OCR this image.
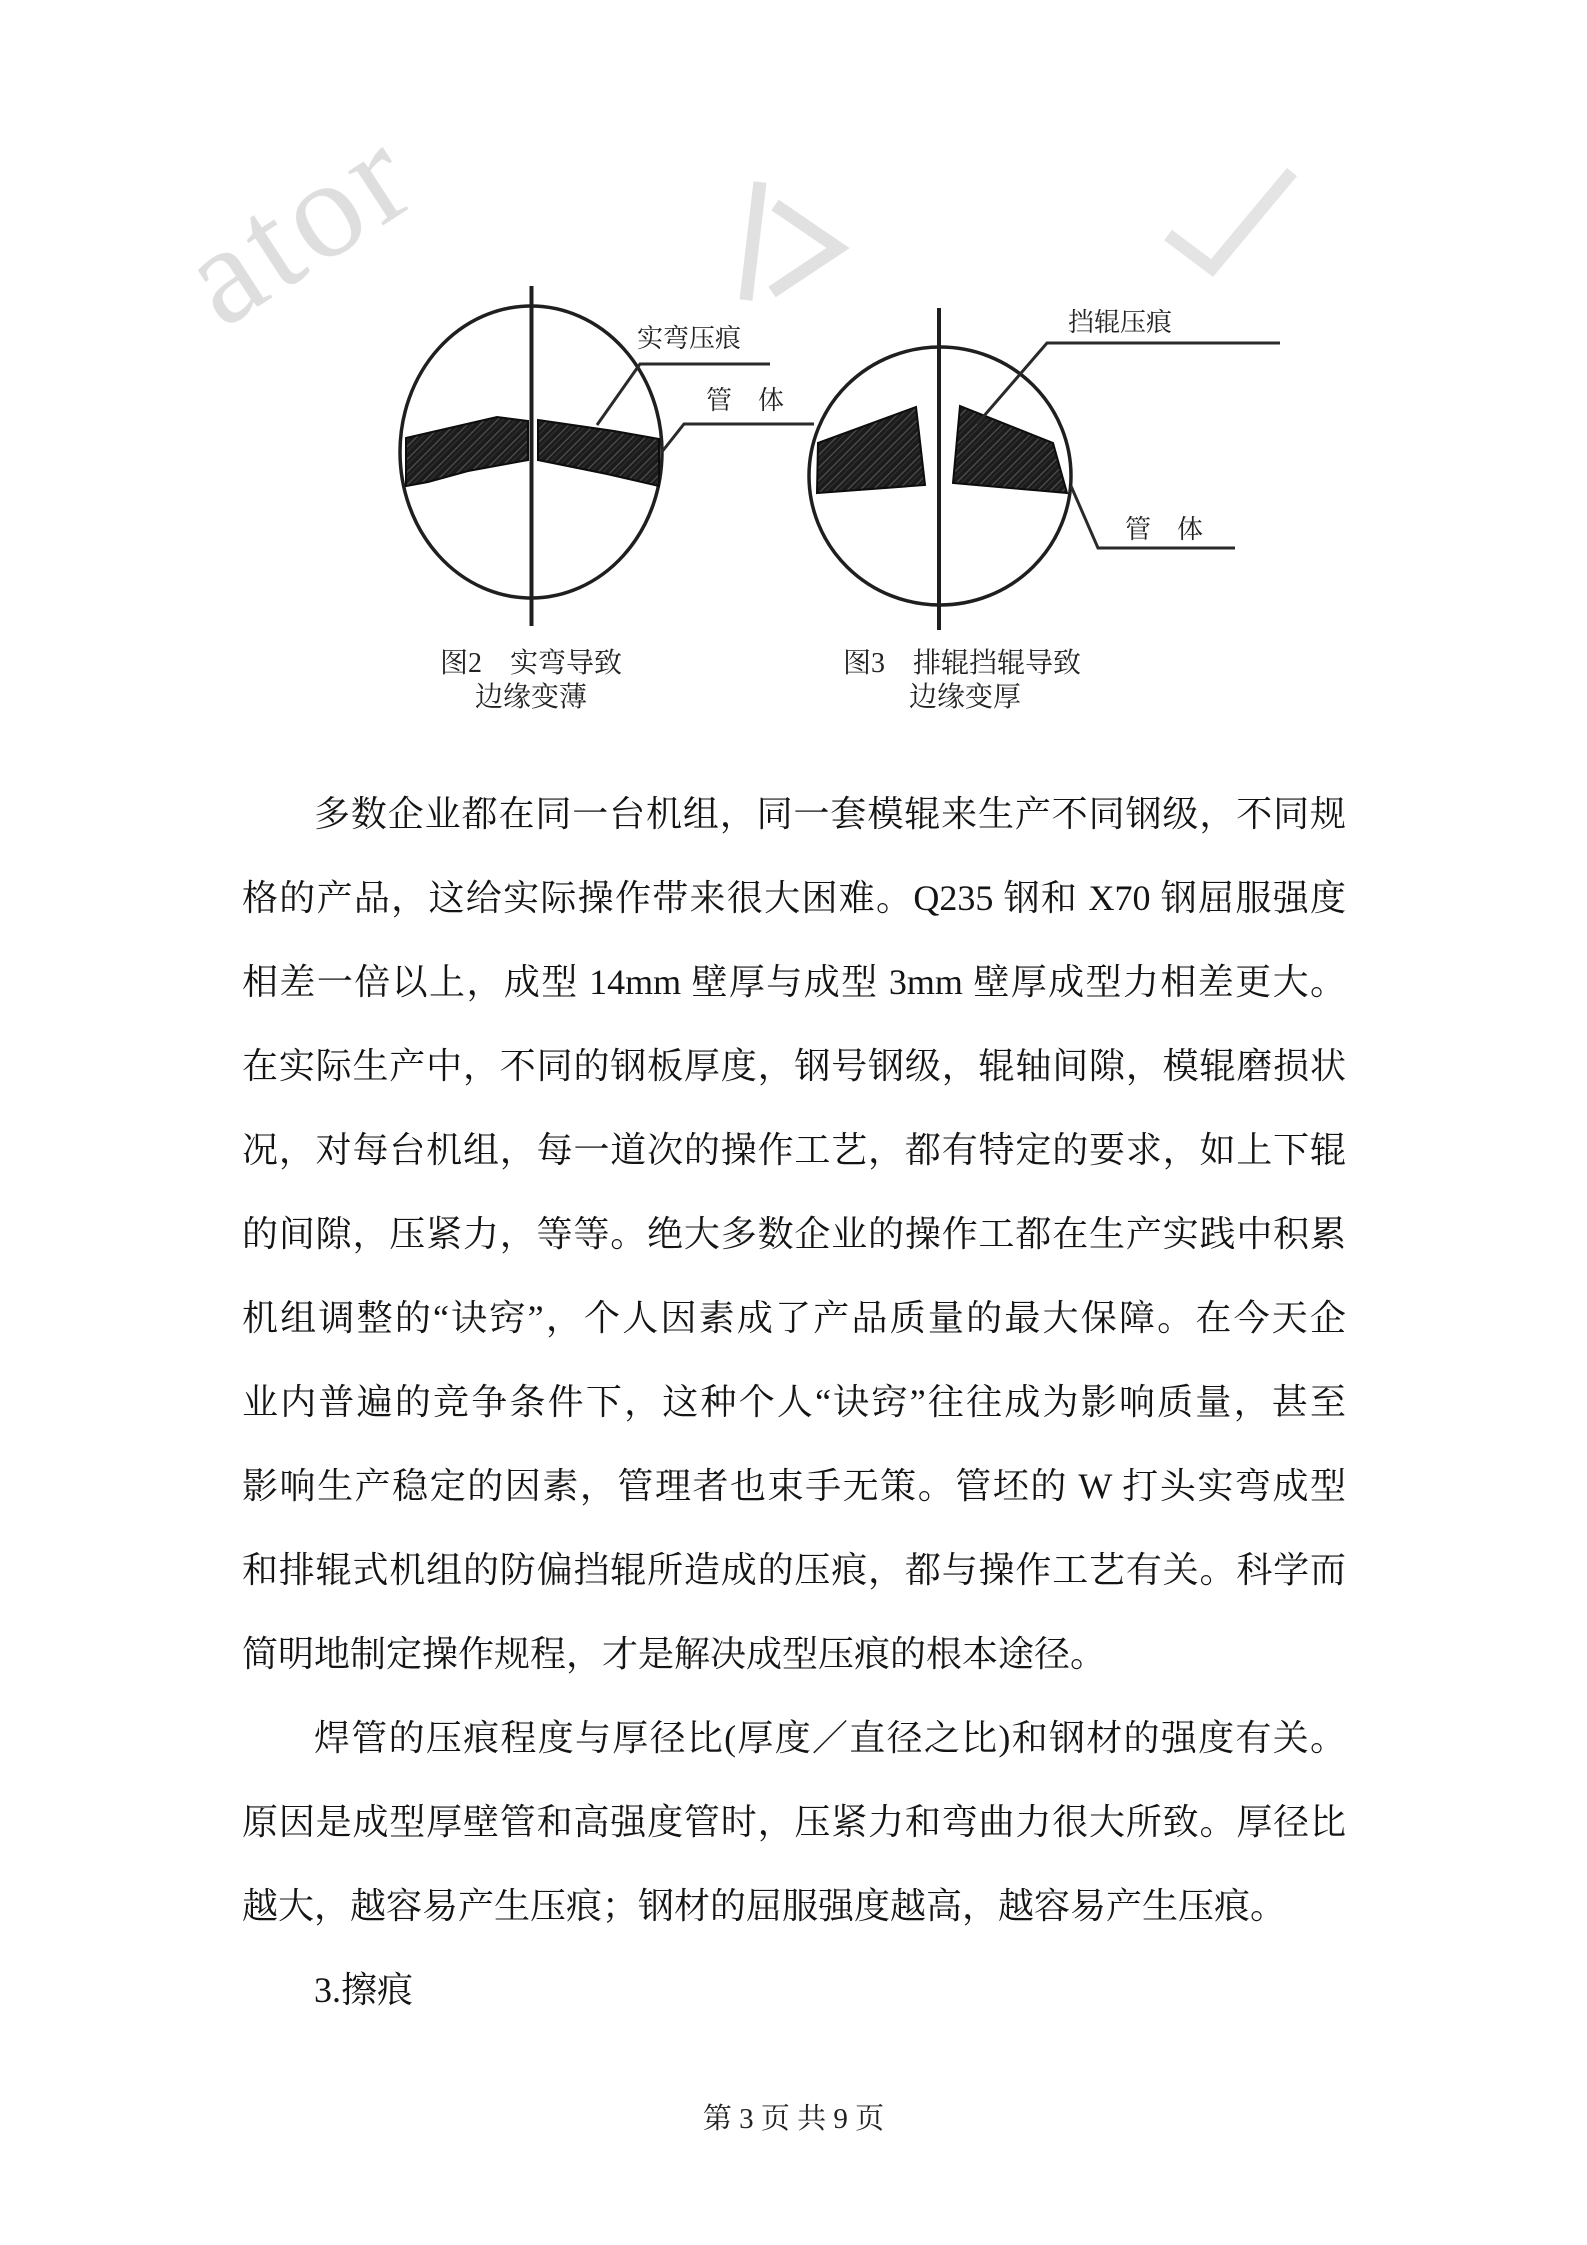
ator	实弯压痕
管　体
图2　实弯导致
边缘变薄
挡辊压痕
管　体
图3　排辊挡辊导致
边缘变厚
多数企业都在同一台机组，同一套模辊来生产不同钢级，不同规
格的产品，这给实际操作带来很大困难。Q235 钢和 X70 钢屈服强度
相差一倍以上，成型 14mm 壁厚与成型 3mm 壁厚成型力相差更大。
在实际生产中，不同的钢板厚度，钢号钢级，辊轴间隙，模辊磨损状
况，对每台机组，每一道次的操作工艺，都有特定的要求，如上下辊
的间隙，压紧力，等等。绝大多数企业的操作工都在生产实践中积累
机组调整的“诀窍”，个人因素成了产品质量的最大保障。在今天企
业内普遍的竞争条件下，这种个人“诀窍”往往成为影响质量，甚至
影响生产稳定的因素，管理者也束手无策。管坯的 W 打头实弯成型
和排辊式机组的防偏挡辊所造成的压痕，都与操作工艺有关。科学而
简明地制定操作规程，才是解决成型压痕的根本途径。
焊管的压痕程度与厚径比(厚度／直径之比)和钢材的强度有关。
原因是成型厚壁管和高强度管时，压紧力和弯曲力很大所致。厚径比
越大，越容易产生压痕；钢材的屈服强度越高，越容易产生压痕。
3.擦痕
第 3 页 共 9 页
